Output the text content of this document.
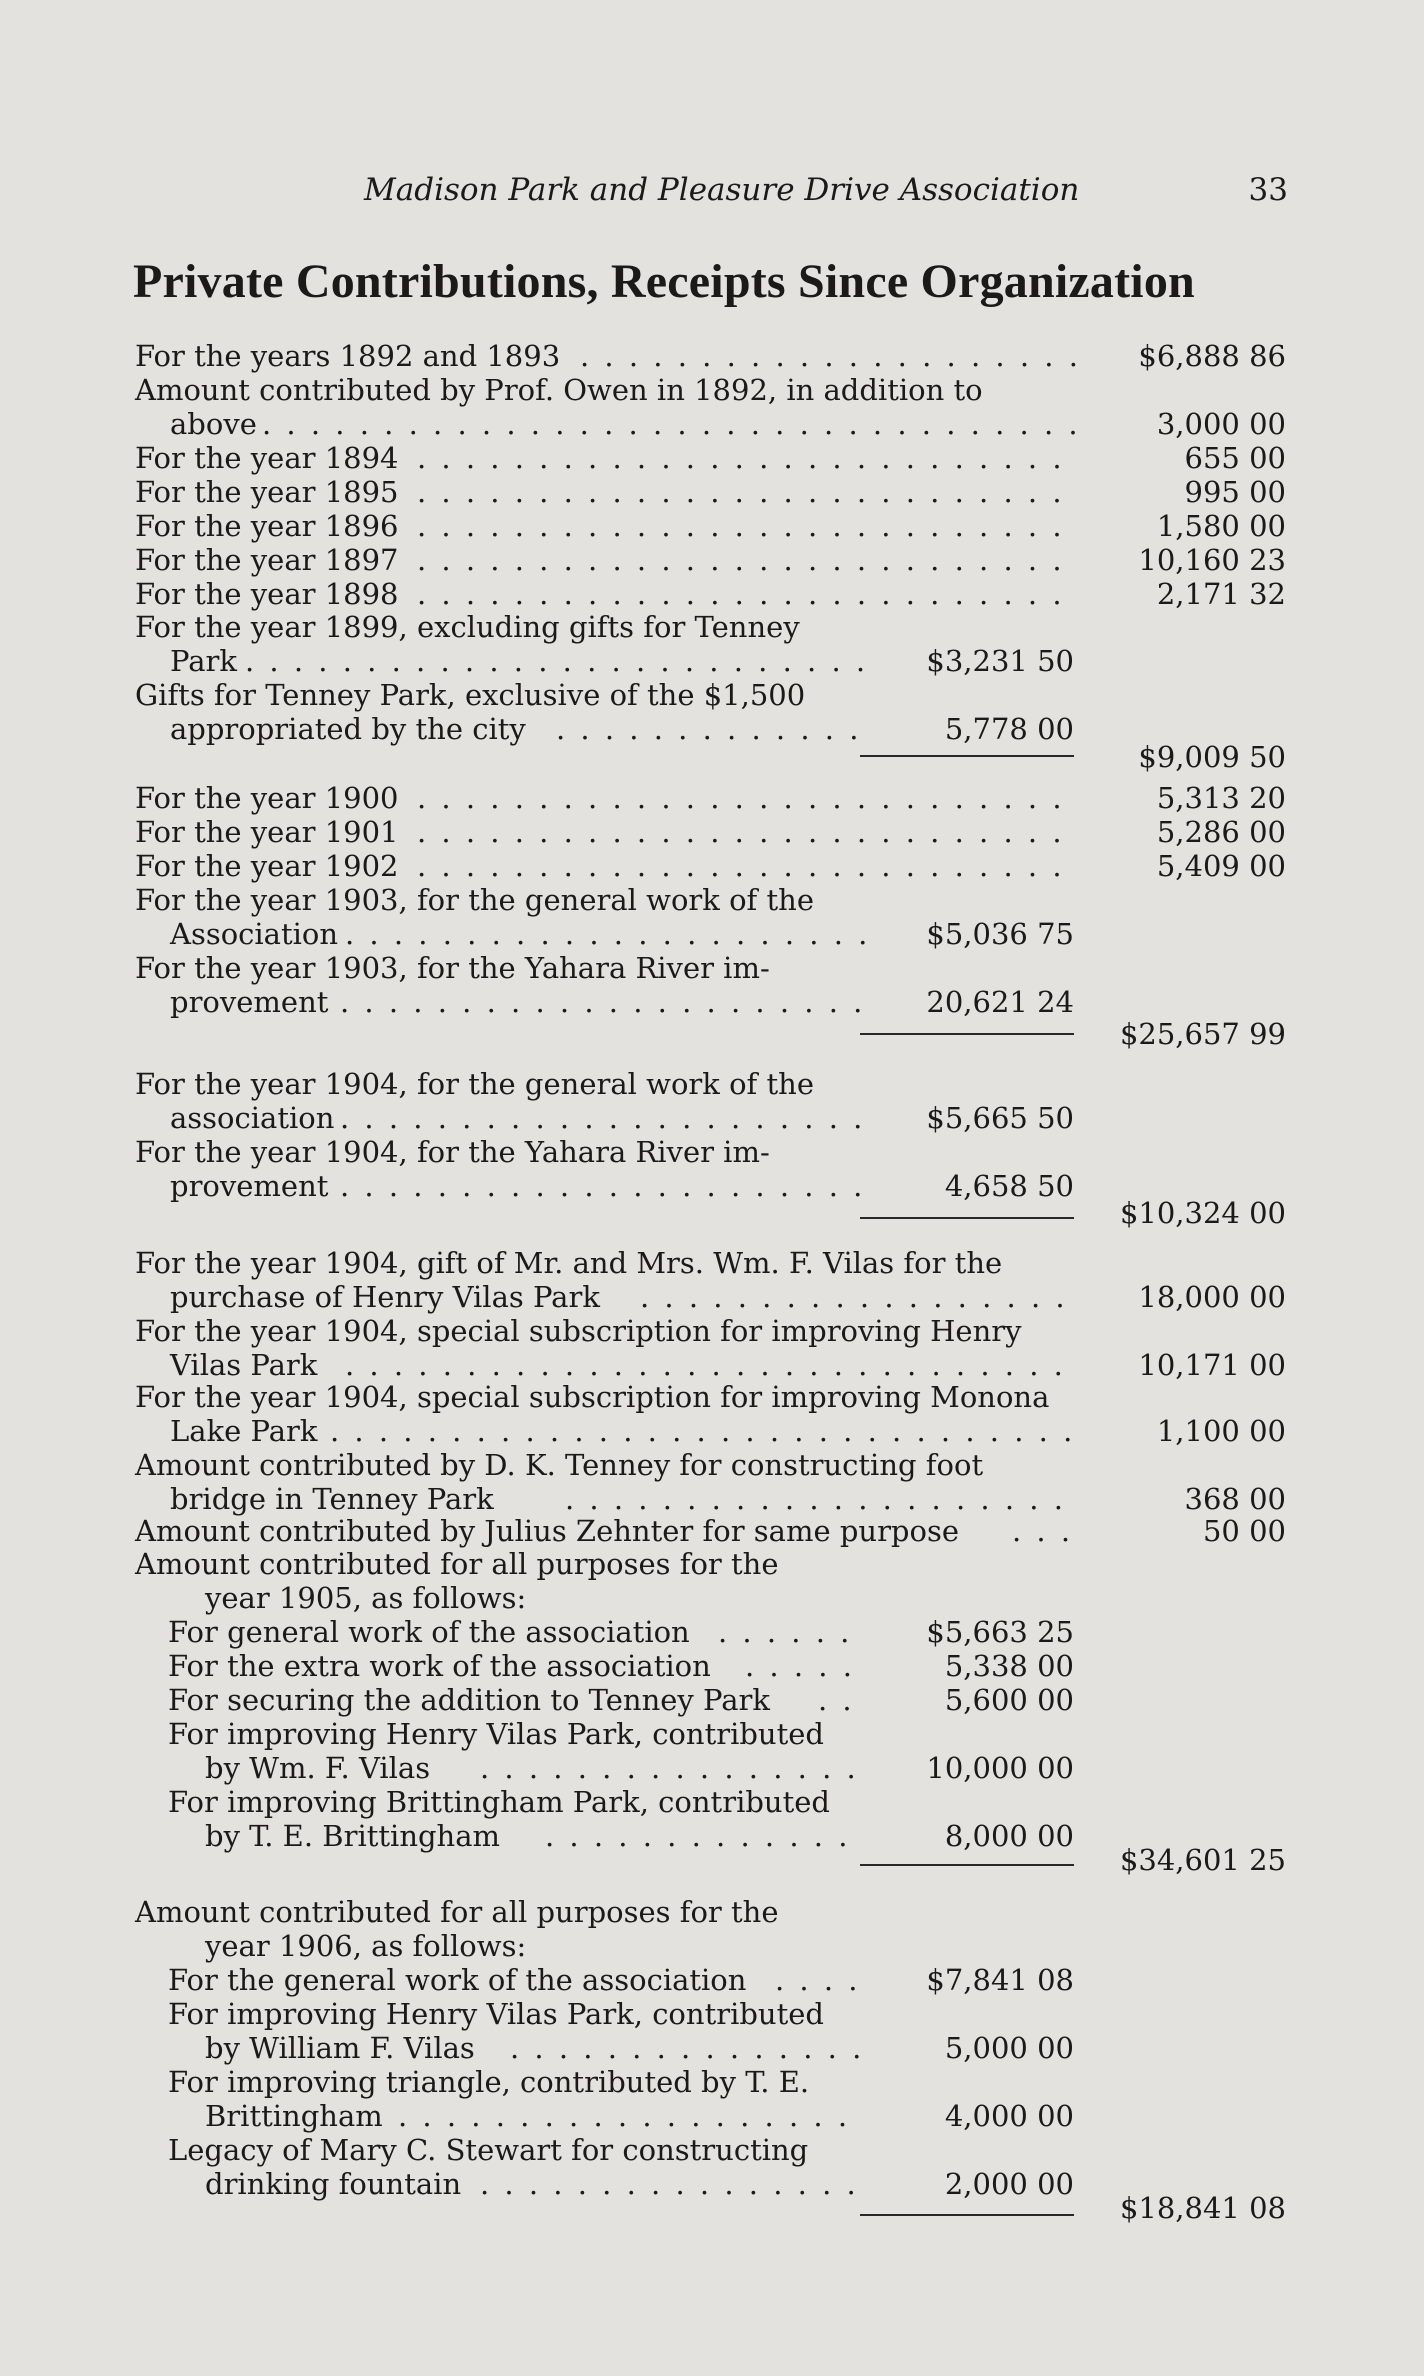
Madison Park and Pleasure Drive Association	33
Private Contributions, Receipts Since Organization
For the years 1892 and 1893 . . .	$6,888 86
Amount contributed by Prof. Owen in 1892, in addition to
above . . .	3,000 00
For the year 1894 . . .	655 00
For the year 1895 . . .	995 00
For the year 1896 . . .	1,580 00
For the year 1897 . . .	10,160 23
For the year 1898 . . .	2,171 32
For the year 1899, excluding gifts for Tenney
Park . . .	$3,231 50
Gifts for Tenney Park, exclusive of the $1,500
appropriated by the city . . .	5,778 00
$9,009 50
For the year 1900 . . .	5,313 20
For the year 1901 . . .	5,286 00
For the year 1902 . . .	5,409 00
For the year 1903, for the general work of the
Association . . .	$5,036 75
For the year 1903, for the Yahara River im-
provement . . .	20,621 24
$25,657 99
For the year 1904, for the general work of the
association . . .	$5,665 50
For the year 1904, for the Yahara River im-
provement . . .	4,658 50
$10,324 00
For the year 1904, gift of Mr. and Mrs. Wm. F. Vilas for the
purchase of Henry Vilas Park . . .	18,000 00
For the year 1904, special subscription for improving Henry
Vilas Park . . .	10,171 00
For the year 1904, special subscription for improving Monona
Lake Park . . .	1,100 00
Amount contributed by D. K. Tenney for constructing foot
bridge in Tenney Park . . .	368 00
Amount contributed by Julius Zehnter for same purpose . . .	50 00
Amount contributed for all purposes for the
year 1905, as follows:
For general work of the association . . .	$5,663 25
For the extra work of the association . . .	5,338 00
For securing the addition to Tenney Park . . .	5,600 00
For improving Henry Vilas Park, contributed
by Wm. F. Vilas . . .	10,000 00
For improving Brittingham Park, contributed
by T. E. Brittingham . . .	8,000 00
$34,601 25
Amount contributed for all purposes for the
year 1906, as follows:
For the general work of the association . . .	$7,841 08
For improving Henry Vilas Park, contributed
by William F. Vilas . . .	5,000 00
For improving triangle, contributed by T. E.
Brittingham . . .	4,000 00
Legacy of Mary C. Stewart for constructing
drinking fountain . . .	2,000 00
$18,841 08
